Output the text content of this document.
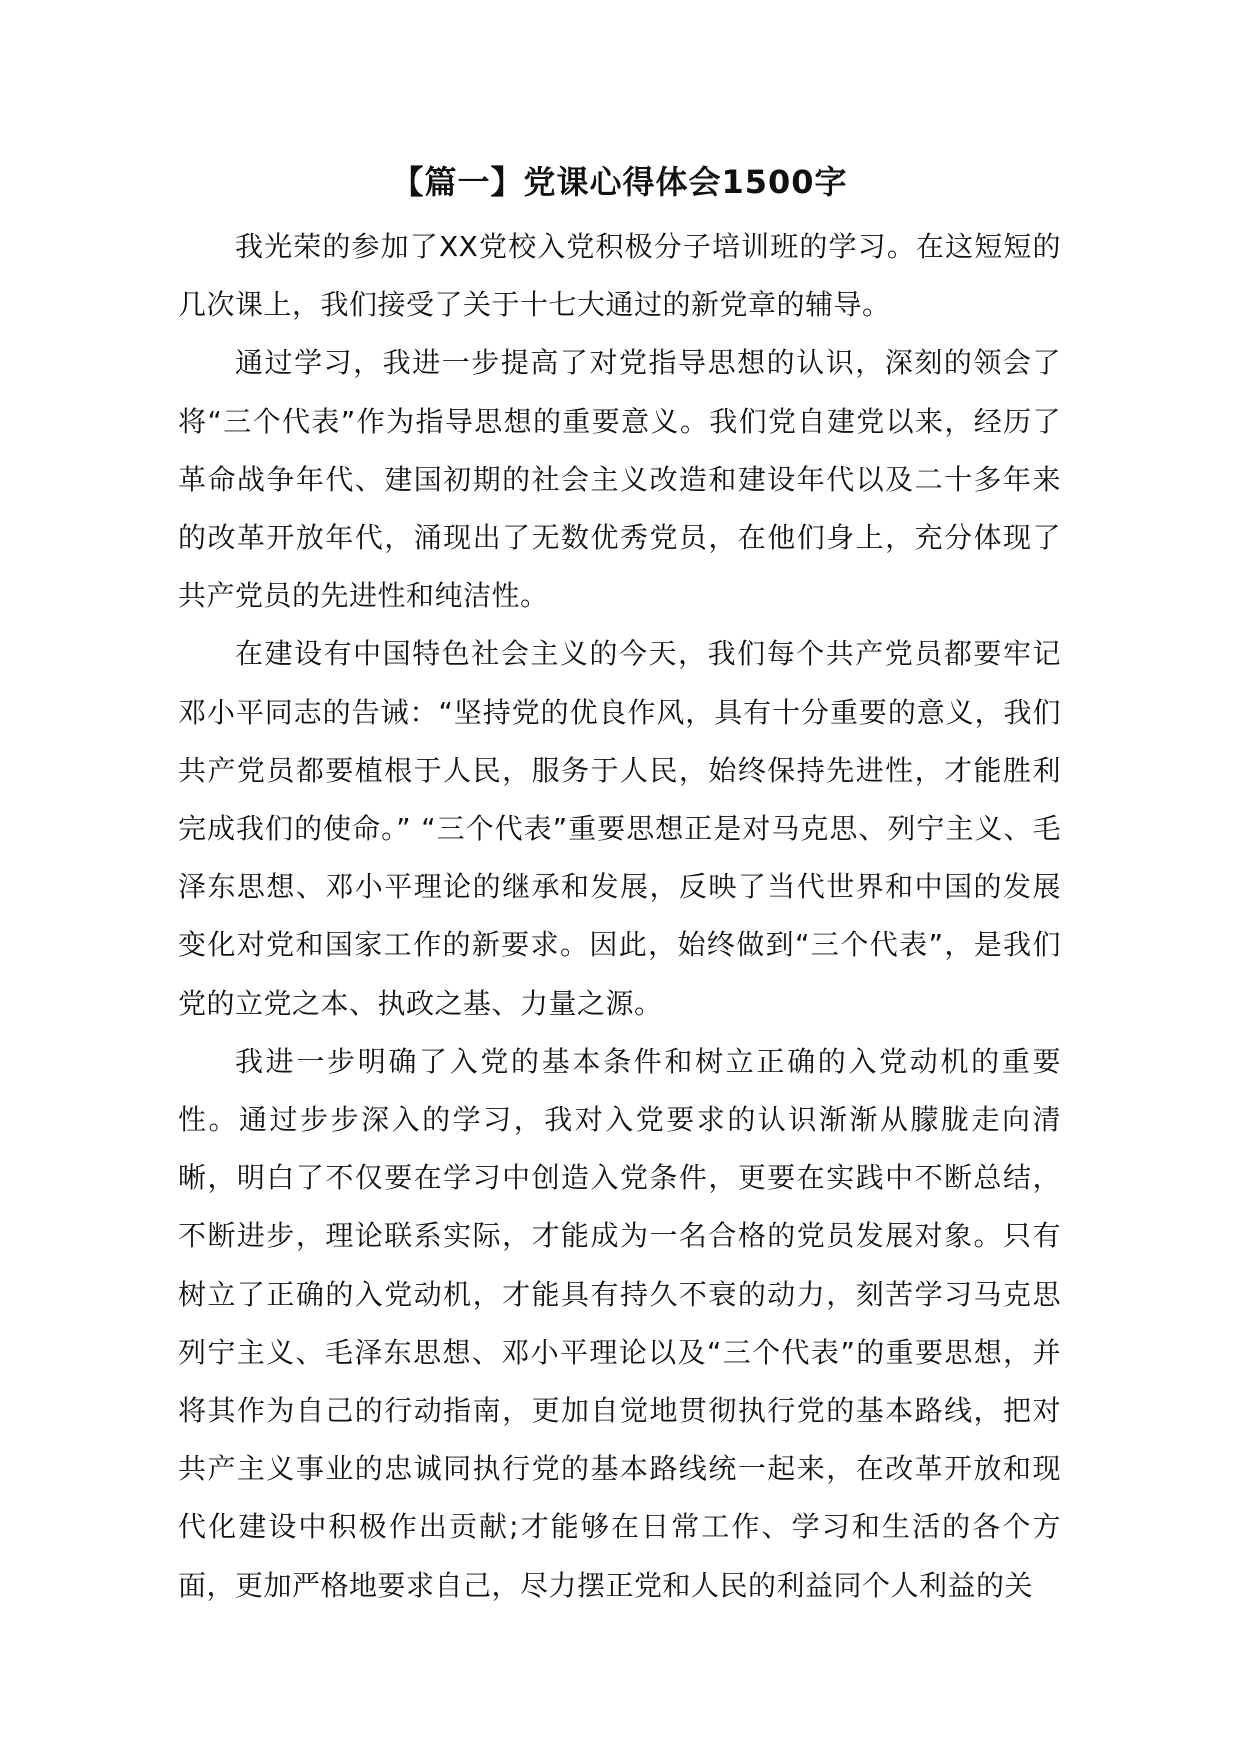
【篇一】党课心得体会1500字

我光荣的参加了XX党校入党积极分子培训班的学习。在这短短的几次课上，我们接受了关于十七大通过的新党章的辅导。

通过学习，我进一步提高了对党指导思想的认识，深刻的领会了将“三个代表”作为指导思想的重要意义。我们党自建党以来，经历了革命战争年代、建国初期的社会主义改造和建设年代以及二十多年来的改革开放年代，涌现出了无数优秀党员，在他们身上，充分体现了共产党员的先进性和纯洁性。

在建设有中国特色社会主义的今天，我们每个共产党员都要牢记邓小平同志的告诫：“坚持党的优良作风，具有十分重要的意义，我们共产党员都要植根于人民，服务于人民，始终保持先进性，才能胜利完成我们的使命。” “三个代表”重要思想正是对马克思、列宁主义、毛泽东思想、邓小平理论的继承和发展，反映了当代世界和中国的发展变化对党和国家工作的新要求。因此，始终做到“三个代表”，是我们党的立党之本、执政之基、力量之源。

我进一步明确了入党的基本条件和树立正确的入党动机的重要性。通过步步深入的学习，我对入党要求的认识渐渐从朦胧走向清晰，明白了不仅要在学习中创造入党条件，更要在实践中不断总结，不断进步，理论联系实际，才能成为一名合格的党员发展对象。只有树立了正确的入党动机，才能具有持久不衰的动力，刻苦学习马克思列宁主义、毛泽东思想、邓小平理论以及“三个代表”的重要思想，并将其作为自己的行动指南，更加自觉地贯彻执行党的基本路线，把对共产主义事业的忠诚同执行党的基本路线统一起来，在改革开放和现代化建设中积极作出贡献;才能够在日常工作、学习和生活的各个方面，更加严格地要求自己，尽力摆正党和人民的利益同个人利益的关
